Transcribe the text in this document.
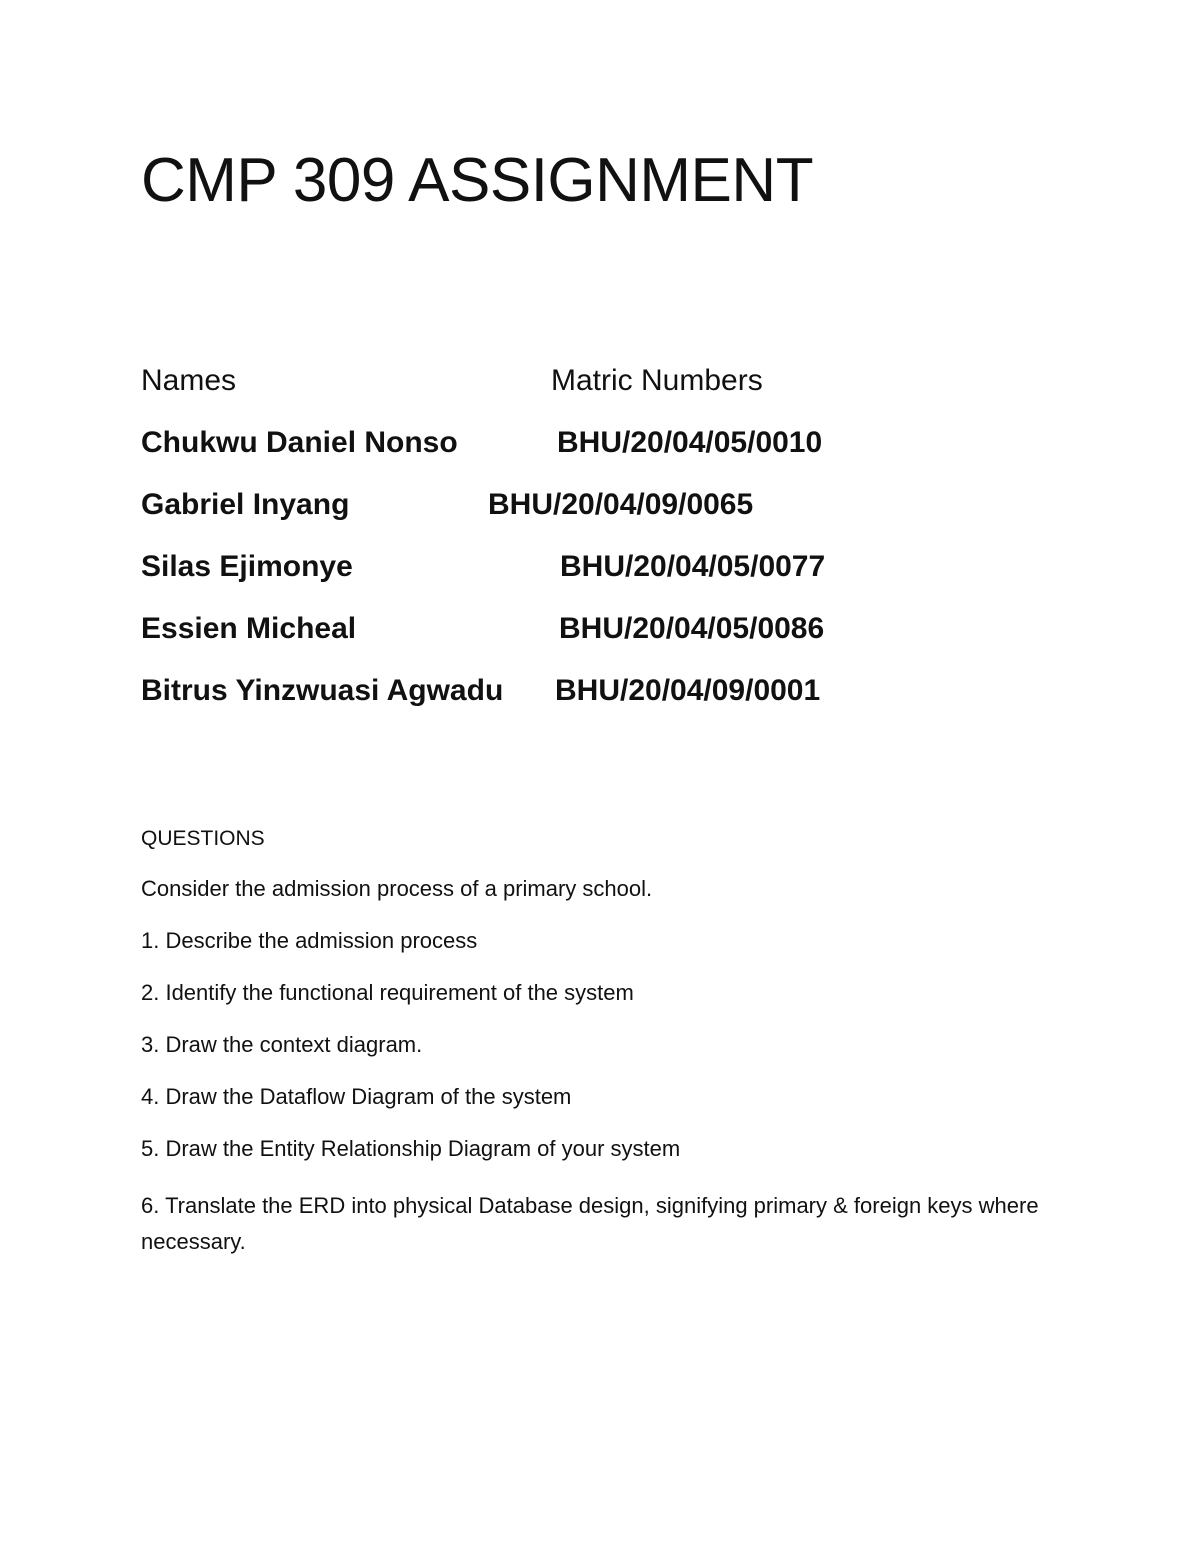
CMP 309 ASSIGNMENT
Names	Matric Numbers
Chukwu Daniel Nonso	BHU/20/04/05/0010
Gabriel Inyang	BHU/20/04/09/0065
Silas Ejimonye	BHU/20/04/05/0077
Essien Micheal	BHU/20/04/05/0086
Bitrus Yinzwuasi Agwadu BHU/20/04/09/0001
QUESTIONS
Consider the admission process of a primary school.
1. Describe the admission process
2. Identify the functional requirement of the system
3. Draw the context diagram.
4. Draw the Dataflow Diagram of the system
5. Draw the Entity Relationship Diagram of your system
6. Translate the ERD into physical Database design, signifying primary & foreign keys where necessary.
